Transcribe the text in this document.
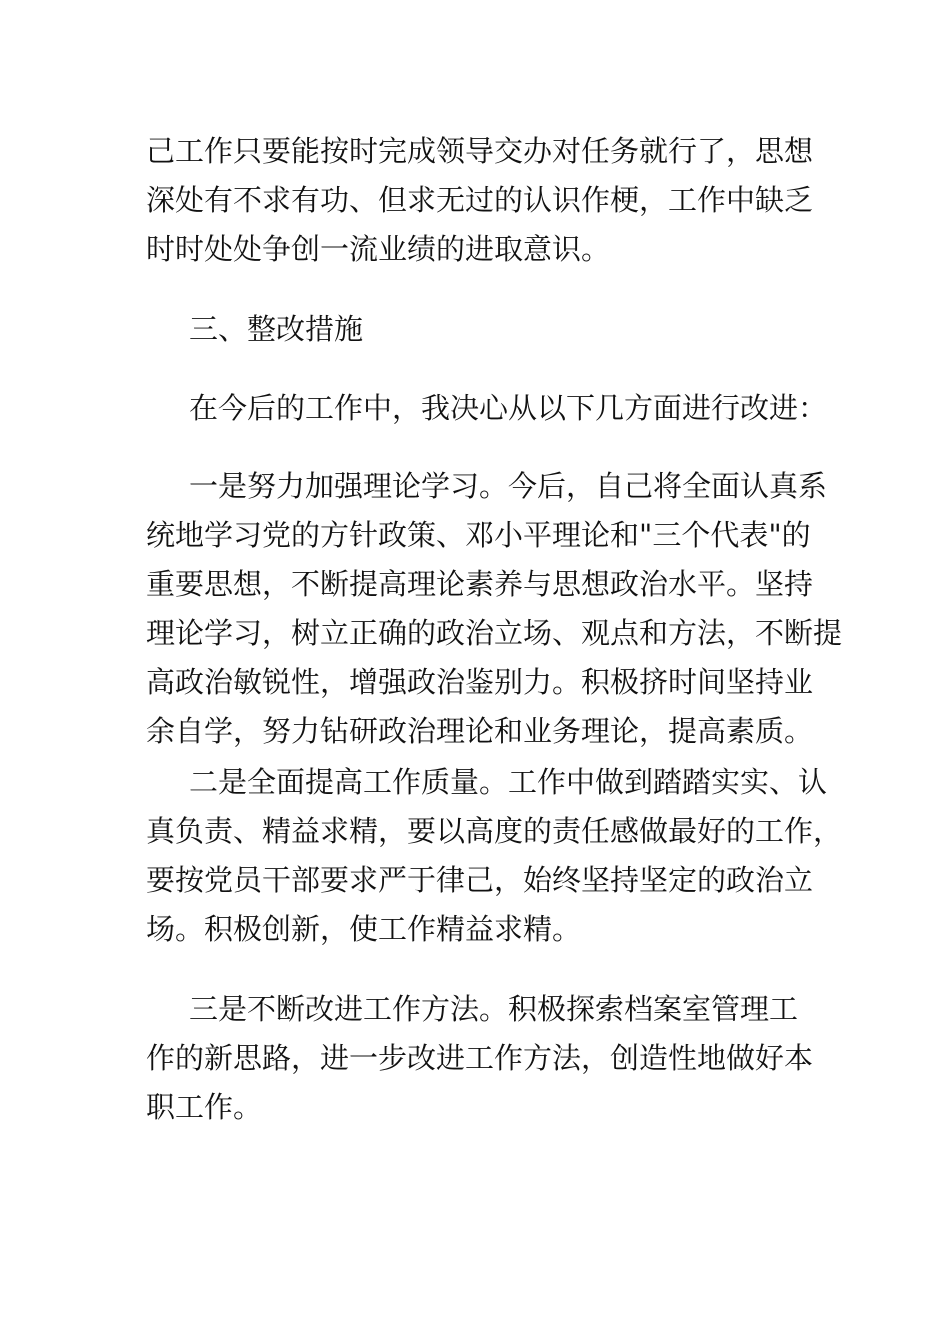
己工作只要能按时完成领导交办对任务就行了，思想
深处有不求有功、但求无过的认识作梗，工作中缺乏
时时处处争创一流业绩的进取意识。
三、整改措施
在今后的工作中，我决心从以下几方面进行改进：
一是努力加强理论学习。今后，自己将全面认真系
统地学习党的方针政策、邓小平理论和"三个代表"的
重要思想，不断提高理论素养与思想政治水平。坚持
理论学习，树立正确的政治立场、观点和方法，不断提
高政治敏锐性，增强政治鉴别力。积极挤时间坚持业
余自学，努力钻研政治理论和业务理论，提高素质。
二是全面提高工作质量。工作中做到踏踏实实、认
真负责、精益求精，要以高度的责任感做最好的工作，
要按党员干部要求严于律己，始终坚持坚定的政治立
场。积极创新，使工作精益求精。
三是不断改进工作方法。积极探索档案室管理工
作的新思路，进一步改进工作方法，创造性地做好本
职工作。
